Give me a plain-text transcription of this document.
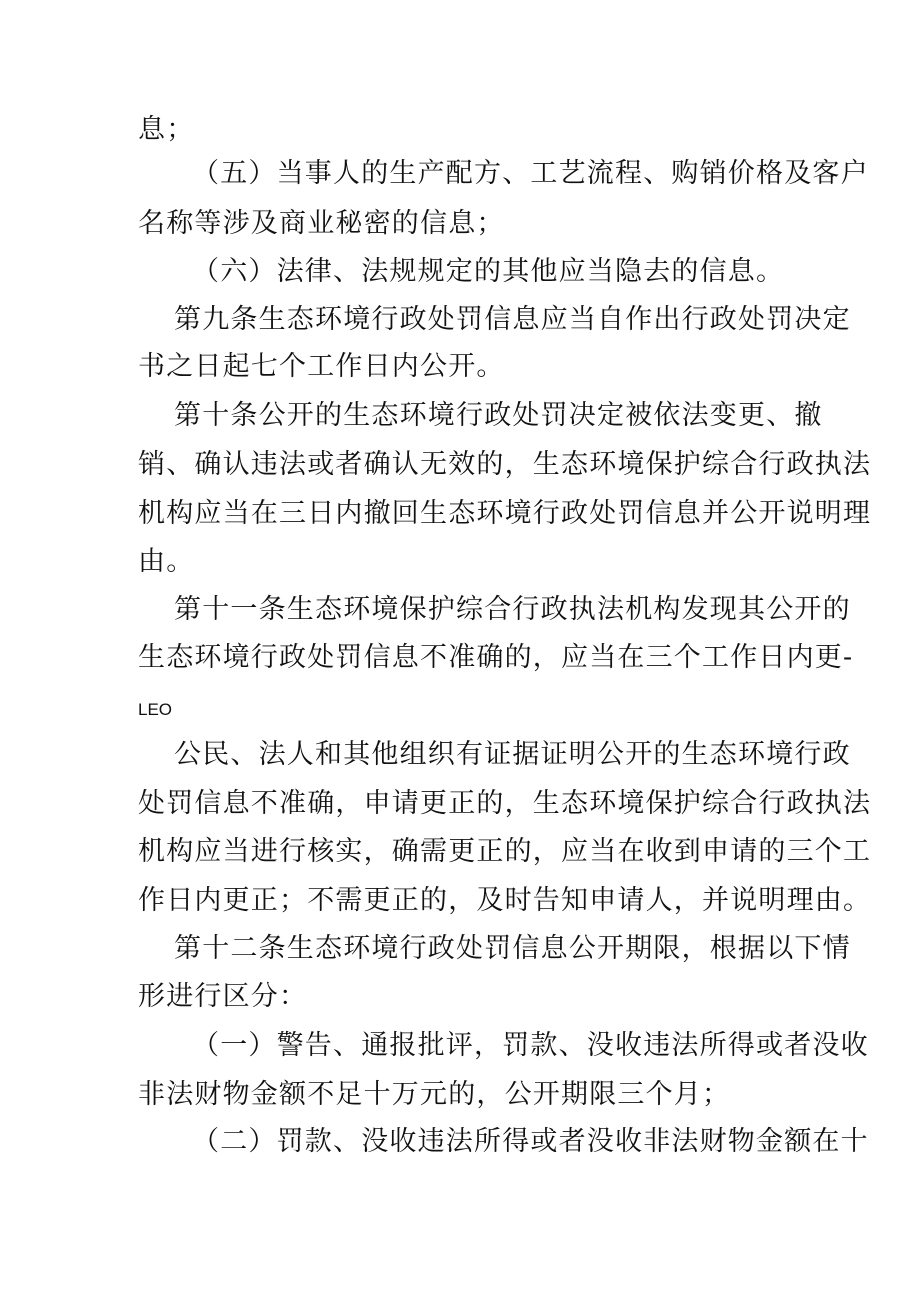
息；
（五）当事人的生产配方、工艺流程、购销价格及客户
名称等涉及商业秘密的信息；
（六）法律、法规规定的其他应当隐去的信息。
第九条生态环境行政处罚信息应当自作出行政处罚决定
书之日起七个工作日内公开。
第十条公开的生态环境行政处罚决定被依法变更、撤
销、确认违法或者确认无效的，生态环境保护综合行政执法
机构应当在三日内撤回生态环境行政处罚信息并公开说明理
由。
第十一条生态环境保护综合行政执法机构发现其公开的
生态环境行政处罚信息不准确的，应当在三个工作日内更-
LEO
公民、法人和其他组织有证据证明公开的生态环境行政
处罚信息不准确，申请更正的，生态环境保护综合行政执法
机构应当进行核实，确需更正的，应当在收到申请的三个工
作日内更正；不需更正的，及时告知申请人，并说明理由。
第十二条生态环境行政处罚信息公开期限，根据以下情
形进行区分：
（一）警告、通报批评，罚款、没收违法所得或者没收
非法财物金额不足十万元的，公开期限三个月；
（二）罚款、没收违法所得或者没收非法财物金额在十
